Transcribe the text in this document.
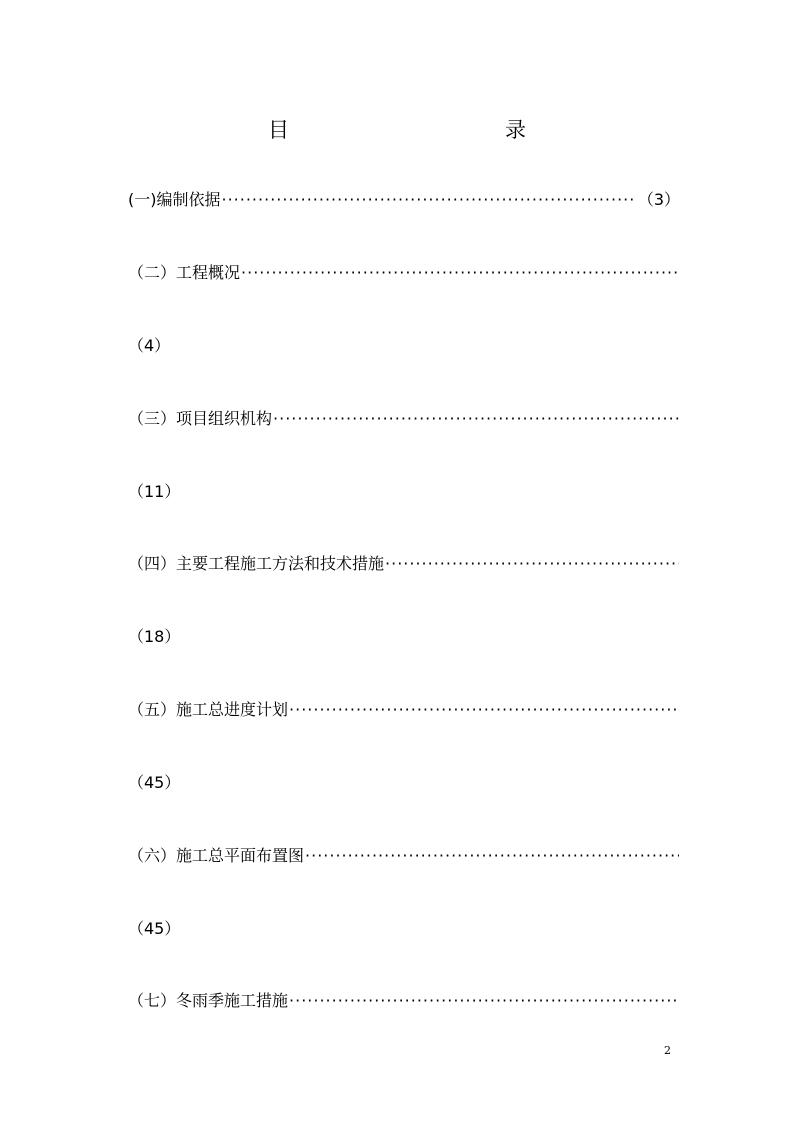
目　　录
(一)编制依据
·····	（3）
（二）工程概况
·····
（4）
（三）项目组织机构
·····
（11）
（四）主要工程施工方法和技术措施
·····
（18）
（五）施工总进度计划
·····
（45）
（六）施工总平面布置图
·····
（45）
（七）冬雨季施工措施
·····
2
